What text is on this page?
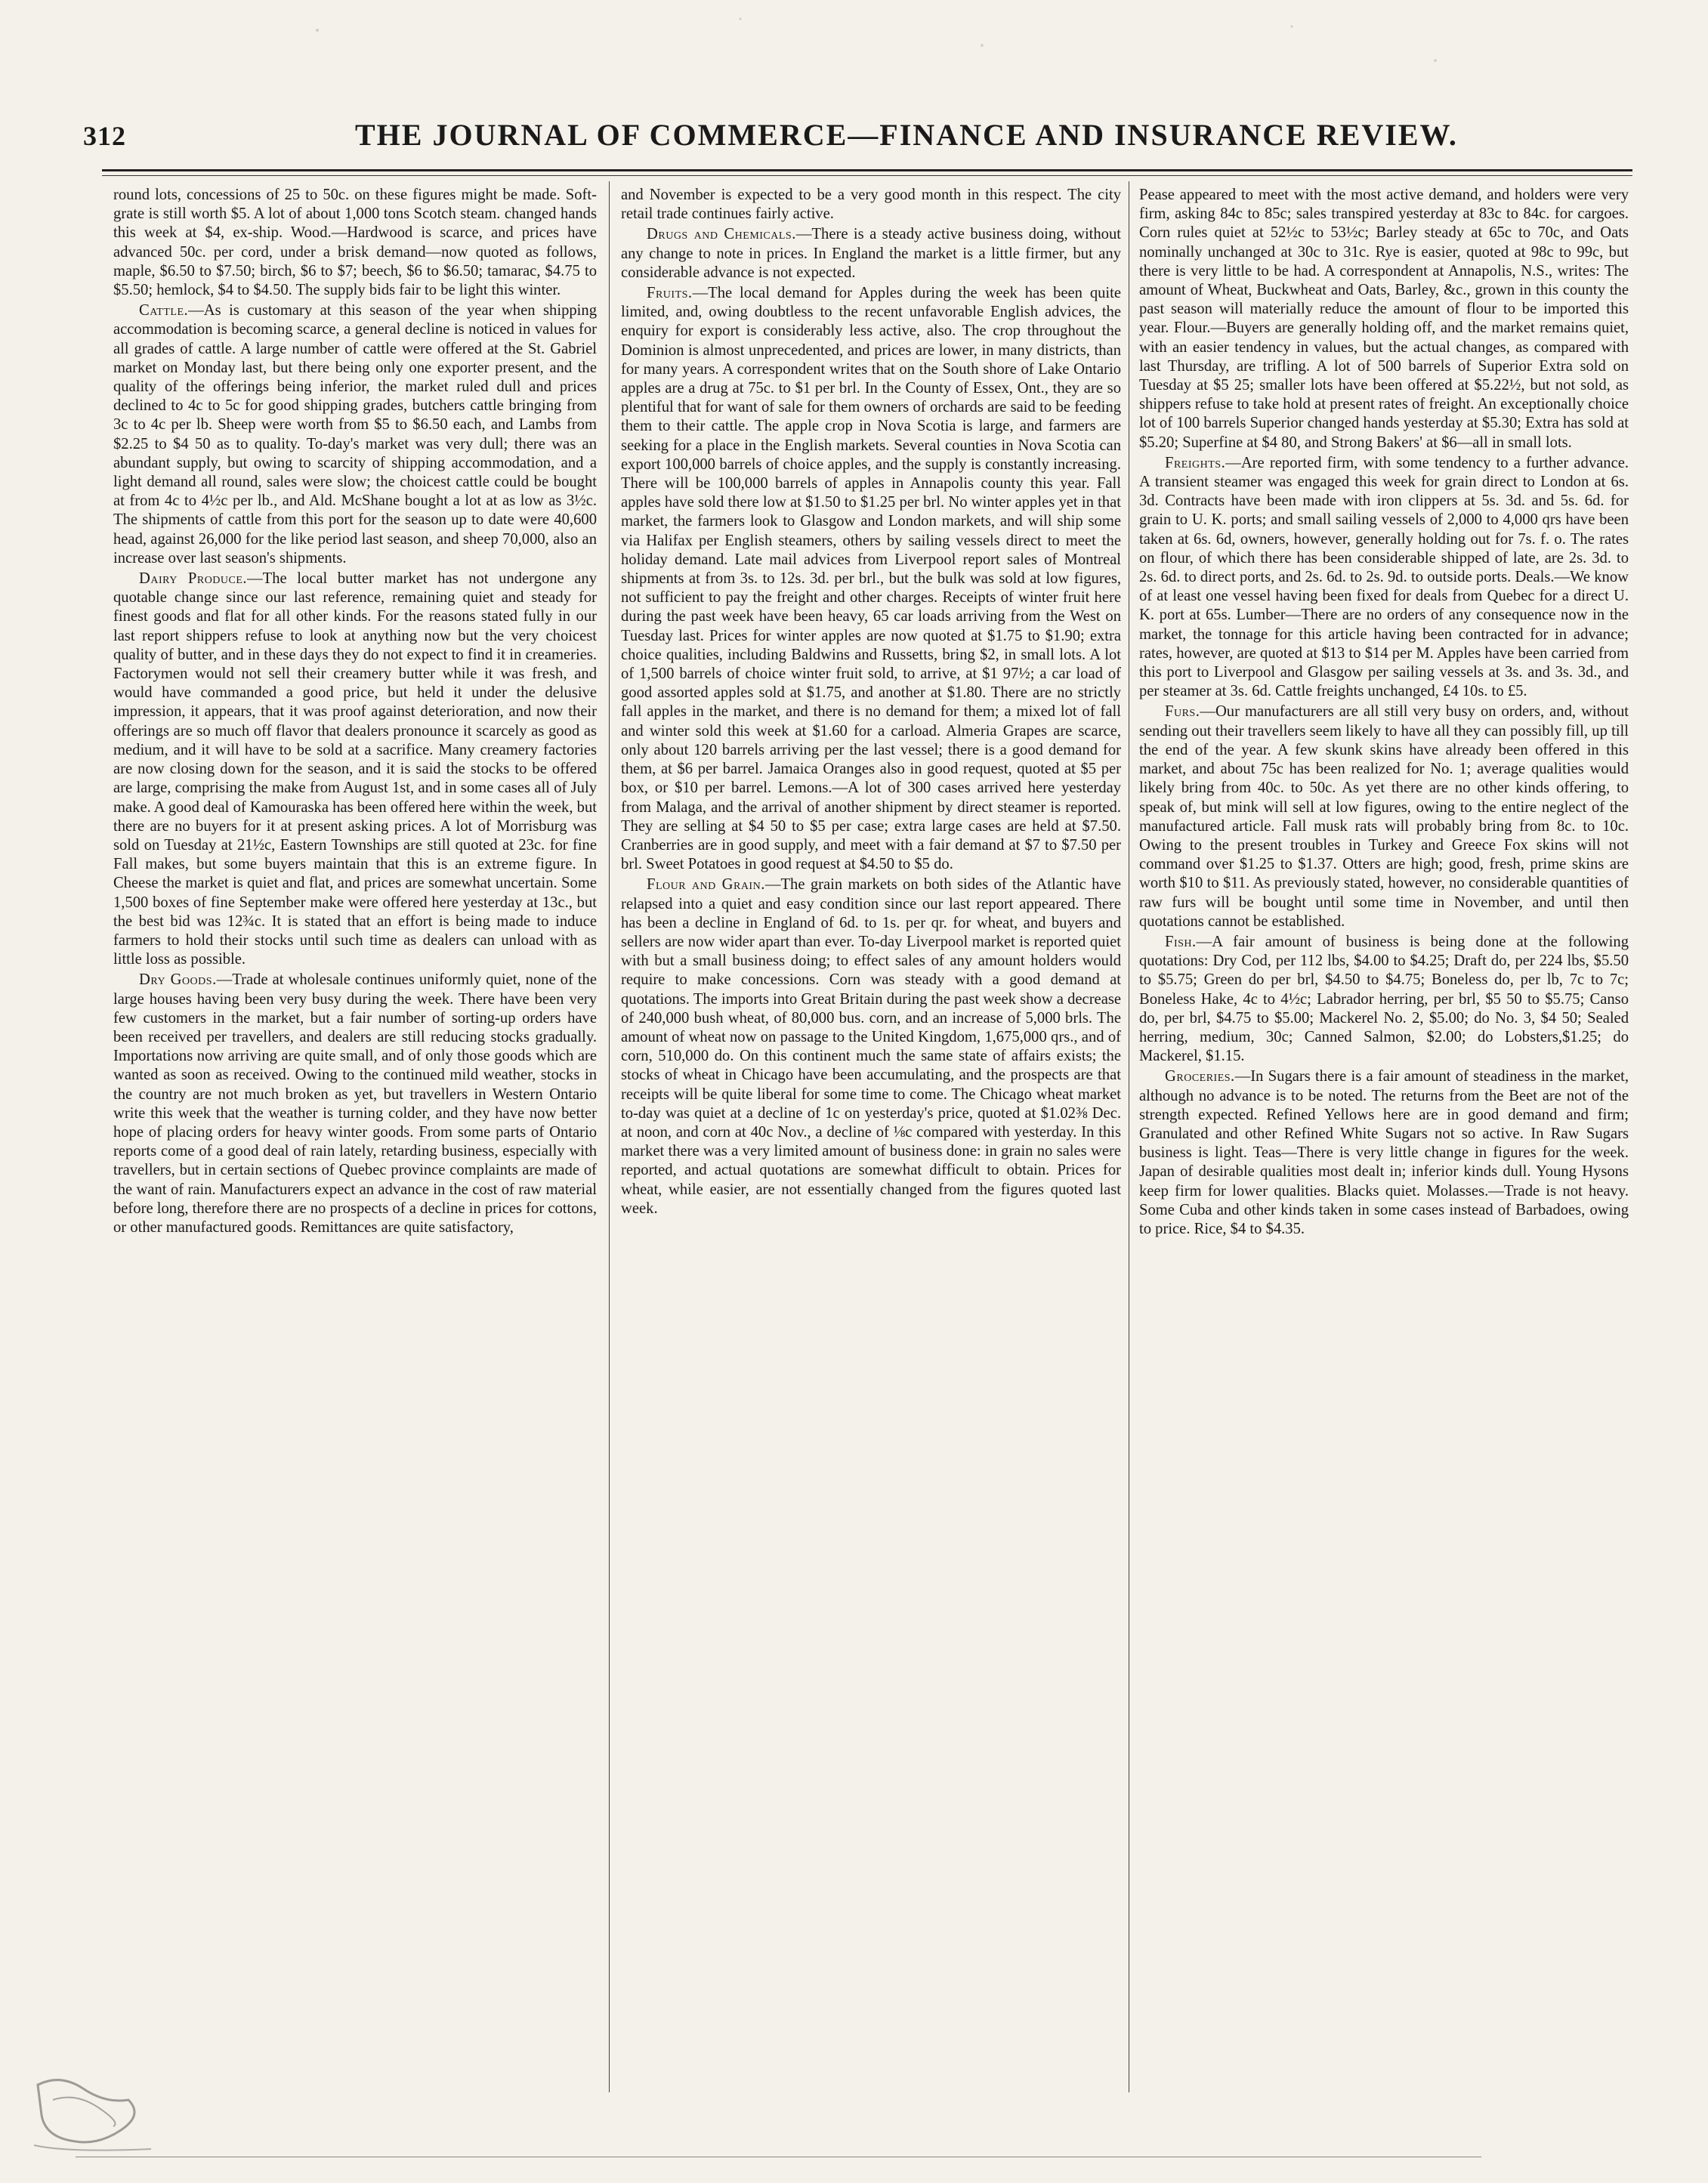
312	THE JOURNAL OF COMMERCE—FINANCE AND INSURANCE REVIEW.

round lots, concessions of 25 to 50c. on these figures might be made. Soft-grate is still worth $5. A lot of about 1,000 tons Scotch steam. changed hands this week at $4, ex-ship. Wood.—Hardwood is scarce, and prices have advanced 50c. per cord, under a brisk demand—now quoted as follows, maple, $6.50 to $7.50; birch, $6 to $7; beech, $6 to $6.50; tamarac, $4.75 to $5.50; hemlock, $4 to $4.50. The supply bids fair to be light this winter.

Cattle.—As is customary at this season of the year when shipping accommodation is becoming scarce, a general decline is noticed in values for all grades of cattle. A large number of cattle were offered at the St. Gabriel market on Monday last, but there being only one exporter present, and the quality of the offerings being inferior, the market ruled dull and prices declined to 4c to 5c for good shipping grades, butchers cattle bringing from 3c to 4c per lb. Sheep were worth from $5 to $6.50 each, and Lambs from $2.25 to $4 50 as to quality. To-day's market was very dull; there was an abundant supply, but owing to scarcity of shipping accommodation, and a light demand all round, sales were slow; the choicest cattle could be bought at from 4c to 4½c per lb., and Ald. McShane bought a lot at as low as 3½c. The shipments of cattle from this port for the season up to date were 40,600 head, against 26,000 for the like period last season, and sheep 70,000, also an increase over last season's shipments.

Dairy Produce.—The local butter market has not undergone any quotable change since our last reference, remaining quiet and steady for finest goods and flat for all other kinds. For the reasons stated fully in our last report shippers refuse to look at anything now but the very choicest quality of butter, and in these days they do not expect to find it in creameries. Factorymen would not sell their creamery butter while it was fresh, and would have commanded a good price, but held it under the delusive impression, it appears, that it was proof against deterioration, and now their offerings are so much off flavor that dealers pronounce it scarcely as good as medium, and it will have to be sold at a sacrifice. Many creamery factories are now closing down for the season, and it is said the stocks to be offered are large, comprising the make from August 1st, and in some cases all of July make. A good deal of Kamouraska has been offered here within the week, but there are no buyers for it at present asking prices. A lot of Morrisburg was sold on Tuesday at 21½c, Eastern Townships are still quoted at 23c. for fine Fall makes, but some buyers maintain that this is an extreme figure. In Cheese the market is quiet and flat, and prices are somewhat uncertain. Some 1,500 boxes of fine September make were offered here yesterday at 13c., but the best bid was 12¾c. It is stated that an effort is being made to induce farmers to hold their stocks until such time as dealers can unload with as little loss as possible.

Dry Goods.—Trade at wholesale continues uniformly quiet, none of the large houses having been very busy during the week. There have been very few customers in the market, but a fair number of sorting-up orders have been received per travellers, and dealers are still reducing stocks gradually. Importations now arriving are quite small, and of only those goods which are wanted as soon as received. Owing to the continued mild weather, stocks in the country are not much broken as yet, but travellers in Western Ontario write this week that the weather is turning colder, and they have now better hope of placing orders for heavy winter goods. From some parts of Ontario reports come of a good deal of rain lately, retarding business, especially with travellers, but in certain sections of Quebec province complaints are made of the want of rain. Manufacturers expect an advance in the cost of raw material before long, therefore there are no prospects of a decline in prices for cottons, or other manufactured goods. Remittances are quite satisfactory,

and November is expected to be a very good month in this respect. The city retail trade continues fairly active.

Drugs and Chemicals.—There is a steady active business doing, without any change to note in prices. In England the market is a little firmer, but any considerable advance is not expected.

Fruits.—The local demand for Apples during the week has been quite limited, and, owing doubtless to the recent unfavorable English advices, the enquiry for export is considerably less active, also. The crop throughout the Dominion is almost unprecedented, and prices are lower, in many districts, than for many years. A correspondent writes that on the South shore of Lake Ontario apples are a drug at 75c. to $1 per brl. In the County of Essex, Ont., they are so plentiful that for want of sale for them owners of orchards are said to be feeding them to their cattle. The apple crop in Nova Scotia is large, and farmers are seeking for a place in the English markets. Several counties in Nova Scotia can export 100,000 barrels of choice apples, and the supply is constantly increasing. There will be 100,000 barrels of apples in Annapolis county this year. Fall apples have sold there low at $1.50 to $1.25 per brl. No winter apples yet in that market, the farmers look to Glasgow and London markets, and will ship some via Halifax per English steamers, others by sailing vessels direct to meet the holiday demand. Late mail advices from Liverpool report sales of Montreal shipments at from 3s. to 12s. 3d. per brl., but the bulk was sold at low figures, not sufficient to pay the freight and other charges. Receipts of winter fruit here during the past week have been heavy, 65 car loads arriving from the West on Tuesday last. Prices for winter apples are now quoted at $1.75 to $1.90; extra choice qualities, including Baldwins and Russetts, bring $2, in small lots. A lot of 1,500 barrels of choice winter fruit sold, to arrive, at $1 97½; a car load of good assorted apples sold at $1.75, and another at $1.80. There are no strictly fall apples in the market, and there is no demand for them; a mixed lot of fall and winter sold this week at $1.60 for a carload. Almeria Grapes are scarce, only about 120 barrels arriving per the last vessel; there is a good demand for them, at $6 per barrel. Jamaica Oranges also in good request, quoted at $5 per box, or $10 per barrel. Lemons.—A lot of 300 cases arrived here yesterday from Malaga, and the arrival of another shipment by direct steamer is reported. They are selling at $4 50 to $5 per case; extra large cases are held at $7.50. Cranberries are in good supply, and meet with a fair demand at $7 to $7.50 per brl. Sweet Potatoes in good request at $4.50 to $5 do.

Flour and Grain.—The grain markets on both sides of the Atlantic have relapsed into a quiet and easy condition since our last report appeared. There has been a decline in England of 6d. to 1s. per qr. for wheat, and buyers and sellers are now wider apart than ever. To-day Liverpool market is reported quiet with but a small business doing; to effect sales of any amount holders would require to make concessions. Corn was steady with a good demand at quotations. The imports into Great Britain during the past week show a decrease of 240,000 bush wheat, of 80,000 bus. corn, and an increase of 5,000 brls. The amount of wheat now on passage to the United Kingdom, 1,675,000 qrs., and of corn, 510,000 do. On this continent much the same state of affairs exists; the stocks of wheat in Chicago have been accumulating, and the prospects are that receipts will be quite liberal for some time to come. The Chicago wheat market to-day was quiet at a decline of 1c on yesterday's price, quoted at $1.02⅜ Dec. at noon, and corn at 40c Nov., a decline of ⅛c compared with yesterday. In this market there was a very limited amount of business done: in grain no sales were reported, and actual quotations are somewhat difficult to obtain. Prices for wheat, while easier, are not essentially changed from the figures quoted last week.

Pease appeared to meet with the most active demand, and holders were very firm, asking 84c to 85c; sales transpired yesterday at 83c to 84c. for cargoes. Corn rules quiet at 52½c to 53½c; Barley steady at 65c to 70c, and Oats nominally unchanged at 30c to 31c. Rye is easier, quoted at 98c to 99c, but there is very little to be had. A correspondent at Annapolis, N.S., writes: The amount of Wheat, Buckwheat and Oats, Barley, &c., grown in this county the past season will materially reduce the amount of flour to be imported this year. Flour.—Buyers are generally holding off, and the market remains quiet, with an easier tendency in values, but the actual changes, as compared with last Thursday, are trifling. A lot of 500 barrels of Superior Extra sold on Tuesday at $5 25; smaller lots have been offered at $5.22½, but not sold, as shippers refuse to take hold at present rates of freight. An exceptionally choice lot of 100 barrels Superior changed hands yesterday at $5.30; Extra has sold at $5.20; Superfine at $4 80, and Strong Bakers' at $6—all in small lots.

Freights.—Are reported firm, with some tendency to a further advance. A transient steamer was engaged this week for grain direct to London at 6s. 3d. Contracts have been made with iron clippers at 5s. 3d. and 5s. 6d. for grain to U. K. ports; and small sailing vessels of 2,000 to 4,000 qrs have been taken at 6s. 6d, owners, however, generally holding out for 7s. f. o. The rates on flour, of which there has been considerable shipped of late, are 2s. 3d. to 2s. 6d. to direct ports, and 2s. 6d. to 2s. 9d. to outside ports. Deals.—We know of at least one vessel having been fixed for deals from Quebec for a direct U. K. port at 65s. Lumber—There are no orders of any consequence now in the market, the tonnage for this article having been contracted for in advance; rates, however, are quoted at $13 to $14 per M. Apples have been carried from this port to Liverpool and Glasgow per sailing vessels at 3s. and 3s. 3d., and per steamer at 3s. 6d. Cattle freights unchanged, £4 10s. to £5.

Furs.—Our manufacturers are all still very busy on orders, and, without sending out their travellers seem likely to have all they can possibly fill, up till the end of the year. A few skunk skins have already been offered in this market, and about 75c has been realized for No. 1; average qualities would likely bring from 40c. to 50c. As yet there are no other kinds offering, to speak of, but mink will sell at low figures, owing to the entire neglect of the manufactured article. Fall musk rats will probably bring from 8c. to 10c. Owing to the present troubles in Turkey and Greece Fox skins will not command over $1.25 to $1.37. Otters are high; good, fresh, prime skins are worth $10 to $11. As previously stated, however, no considerable quantities of raw furs will be bought until some time in November, and until then quotations cannot be established.

Fish.—A fair amount of business is being done at the following quotations: Dry Cod, per 112 lbs, $4.00 to $4.25; Draft do, per 224 lbs, $5.50 to $5.75; Green do per brl, $4.50 to $4.75; Boneless do, per lb, 7c to 7c; Boneless Hake, 4c to 4½c; Labrador herring, per brl, $5 50 to $5.75; Canso do, per brl, $4.75 to $5.00; Mackerel No. 2, $5.00; do No. 3, $4 50; Sealed herring, medium, 30c; Canned Salmon, $2.00; do Lobsters,$1.25; do Mackerel, $1.15.

Groceries.—In Sugars there is a fair amount of steadiness in the market, although no advance is to be noted. The returns from the Beet are not of the strength expected. Refined Yellows here are in good demand and firm; Granulated and other Refined White Sugars not so active. In Raw Sugars business is light. Teas—There is very little change in figures for the week. Japan of desirable qualities most dealt in; inferior kinds dull. Young Hysons keep firm for lower qualities. Blacks quiet. Molasses.—Trade is not heavy. Some Cuba and other kinds taken in some cases instead of Barbadoes, owing to price. Rice, $4 to $4.35.
